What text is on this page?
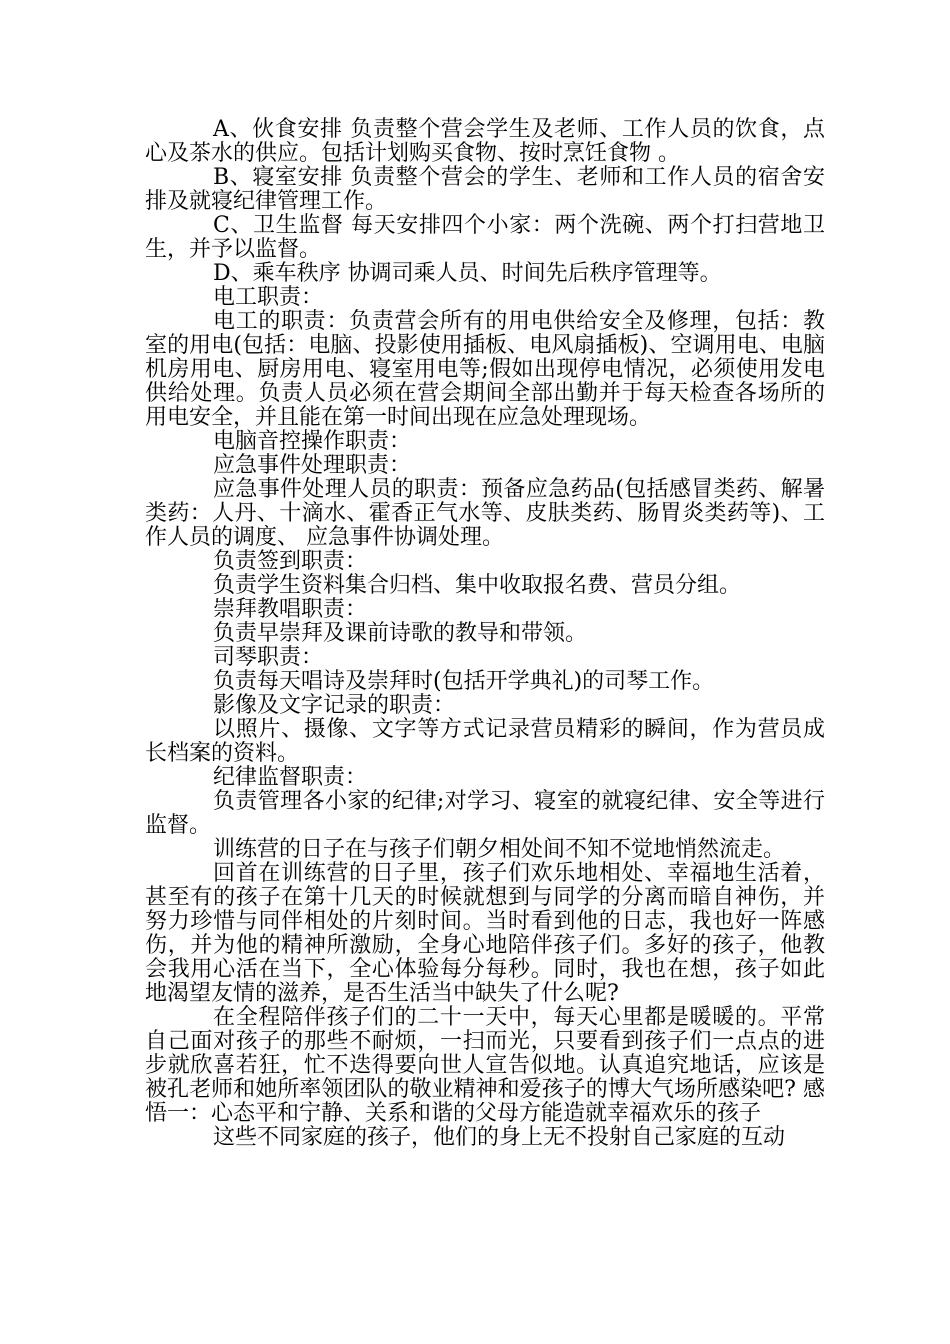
A、伙食安排 负责整个营会学生及老师、工作人员的饮食，点心及茶水的供应。包括计划购买食物、按时烹饪食物 。

B、寝室安排 负责整个营会的学生、老师和工作人员的宿舍安排及就寝纪律管理工作。

C、卫生监督 每天安排四个小家：两个洗碗、两个打扫营地卫生，并予以监督。

D、乘车秩序 协调司乘人员、时间先后秩序管理等。

电工职责：

电工的职责：负责营会所有的用电供给安全及修理，包括：教室的用电(包括：电脑、投影使用插板、电风扇插板)、空调用电、电脑机房用电、厨房用电、寝室用电等;假如出现停电情况，必须使用发电供给处理。负责人员必须在营会期间全部出勤并于每天检查各场所的用电安全，并且能在第一时间出现在应急处理现场。

电脑音控操作职责：

应急事件处理职责：

应急事件处理人员的职责：预备应急药品(包括感冒类药、解暑类药：人丹、十滴水、霍香正气水等、皮肤类药、肠胃炎类药等)、工作人员的调度、 应急事件协调处理。

负责签到职责：

负责学生资料集合归档、集中收取报名费、营员分组。

崇拜教唱职责：

负责早崇拜及课前诗歌的教导和带领。

司琴职责：

负责每天唱诗及崇拜时(包括开学典礼)的司琴工作。

影像及文字记录的职责：

以照片、摄像、文字等方式记录营员精彩的瞬间，作为营员成长档案的资料。

纪律监督职责：

负责管理各小家的纪律;对学习、寝室的就寝纪律、安全等进行监督。

训练营的日子在与孩子们朝夕相处间不知不觉地悄然流走。

回首在训练营的日子里，孩子们欢乐地相处、幸福地生活着，甚至有的孩子在第十几天的时候就想到与同学的分离而暗自神伤，并努力珍惜与同伴相处的片刻时间。当时看到他的日志，我也好一阵感伤，并为他的精神所激励，全身心地陪伴孩子们。多好的孩子，他教会我用心活在当下，全心体验每分每秒。同时，我也在想，孩子如此地渴望友情的滋养，是否生活当中缺失了什么呢?

在全程陪伴孩子们的二十一天中，每天心里都是暖暖的。平常自己面对孩子的那些不耐烦，一扫而光，只要看到孩子们一点点的进步就欣喜若狂，忙不迭得要向世人宣告似地。认真追究地话，应该是被孔老师和她所率领团队的敬业精神和爱孩子的博大气场所感染吧? 感悟一：心态平和宁静、关系和谐的父母方能造就幸福欢乐的孩子

这些不同家庭的孩子，他们的身上无不投射自己家庭的互动
